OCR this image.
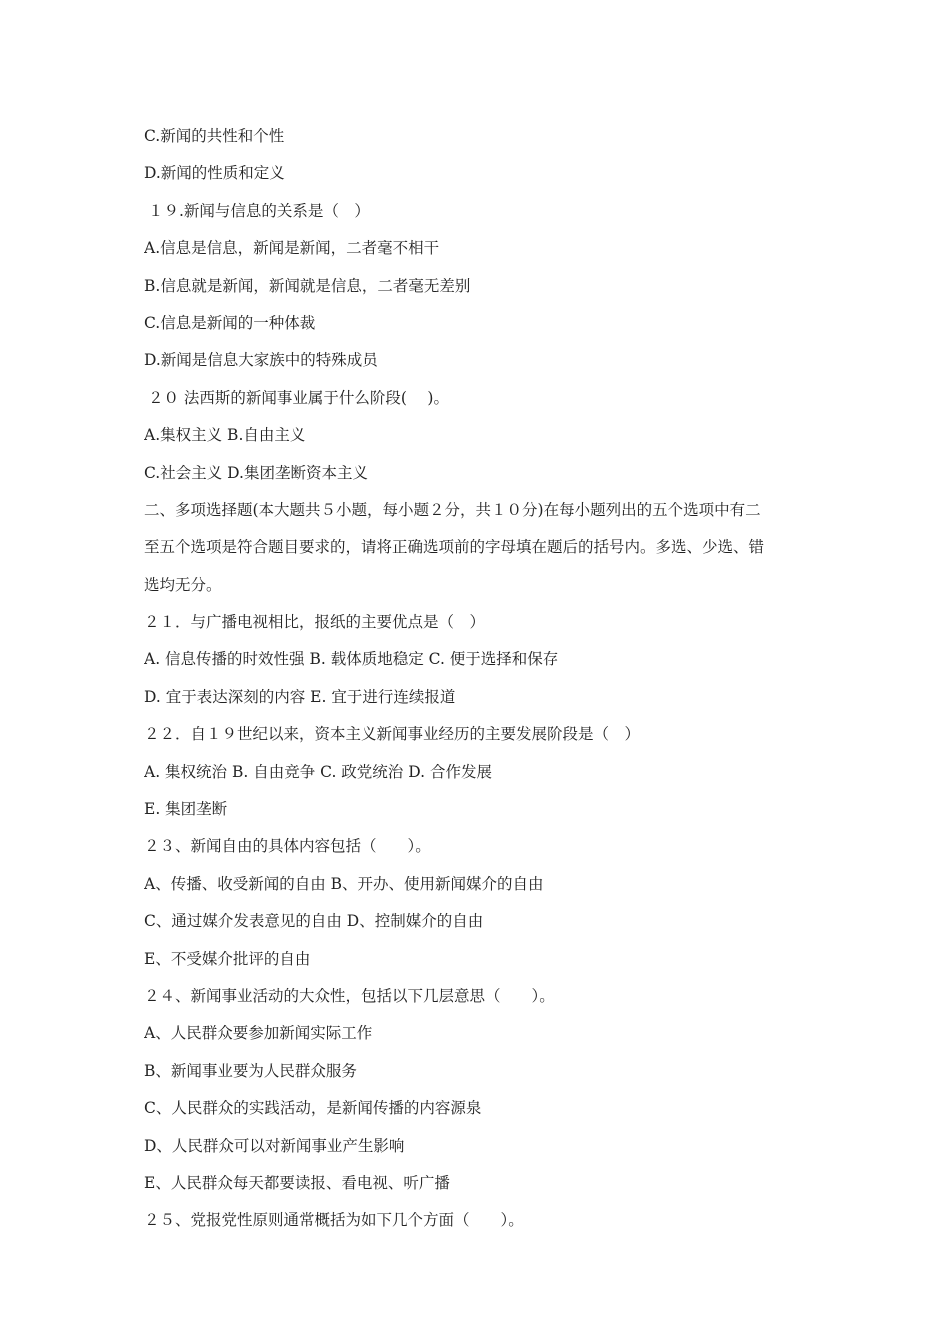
C.新闻的共性和个性
D.新闻的性质和定义
１９.新闻与信息的关系是（　）
A.信息是信息，新闻是新闻，二者毫不相干
B.信息就是新闻，新闻就是信息，二者毫无差别
C.信息是新闻的一种体裁
D.新闻是信息大家族中的特殊成员
２０ 法西斯的新闻事业属于什么阶段(　 )。
A.集权主义 B.自由主义
C.社会主义 D.集团垄断资本主义
二、多项选择题(本大题共５小题，每小题２分，共１０分)在每小题列出的五个选项中有二
至五个选项是符合题目要求的，请将正确选项前的字母填在题后的括号内。多选、少选、错
选均无分。
２１．与广播电视相比，报纸的主要优点是（　）
A. 信息传播的时效性强 B. 载体质地稳定 C. 便于选择和保存
D. 宜于表达深刻的内容 E. 宜于进行连续报道
２２．自１９世纪以来，资本主义新闻事业经历的主要发展阶段是（　）
A. 集权统治 B. 自由竞争 C. 政党统治 D. 合作发展
E. 集团垄断
２３、新闻自由的具体内容包括（　　）。
A、传播、收受新闻的自由 B、开办、使用新闻媒介的自由
C、通过媒介发表意见的自由 D、控制媒介的自由
E、不受媒介批评的自由
２４、新闻事业活动的大众性，包括以下几层意思（　　）。
A、人民群众要参加新闻实际工作
B、新闻事业要为人民群众服务
C、人民群众的实践活动，是新闻传播的内容源泉
D、人民群众可以对新闻事业产生影响
E、人民群众每天都要读报、看电视、听广播
２５、党报党性原则通常概括为如下几个方面（　　）。
